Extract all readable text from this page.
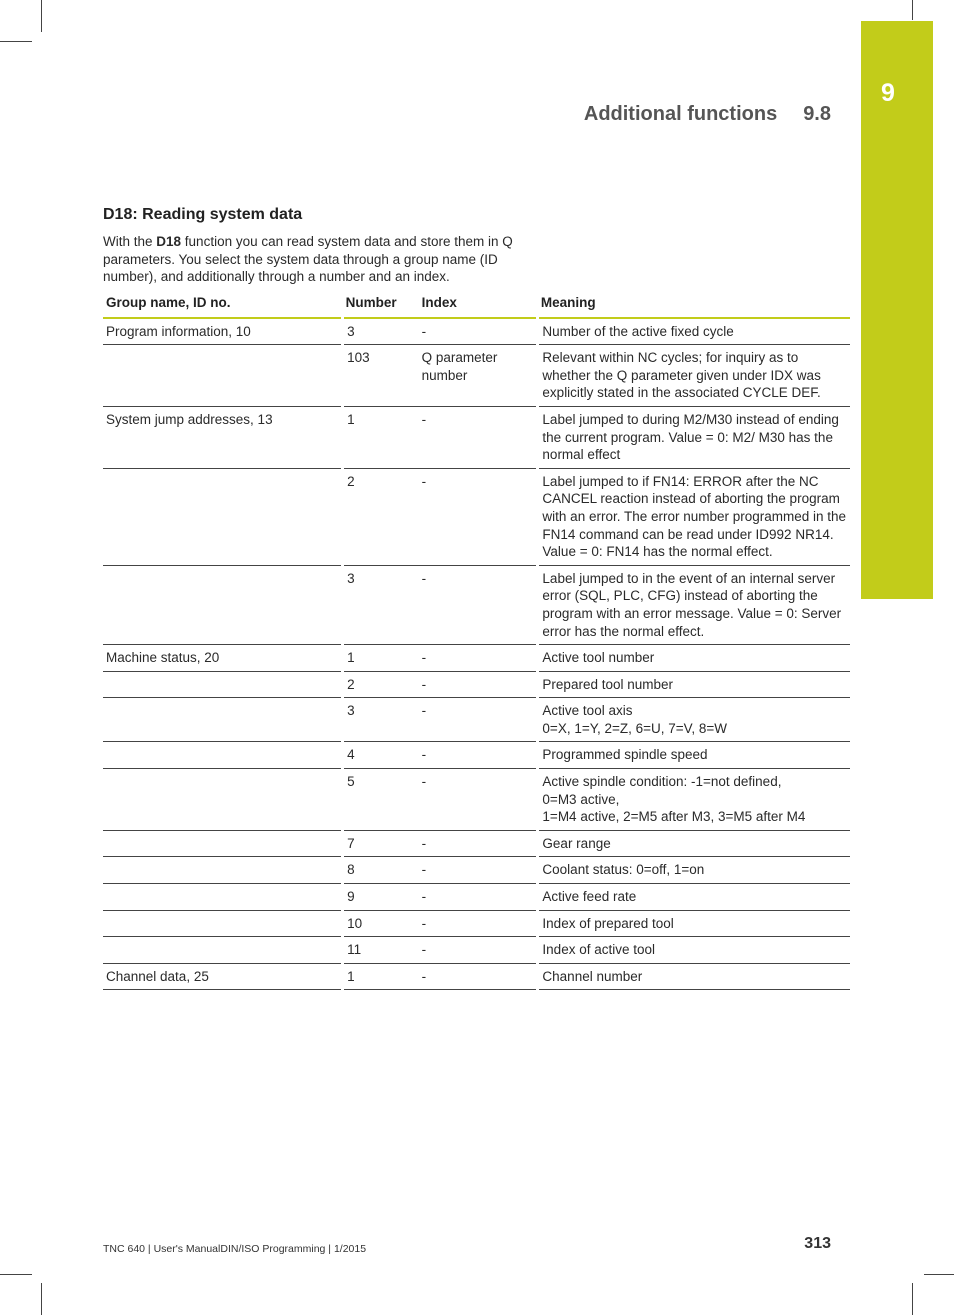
9
Additional functions 9.8
D18: Reading system data
With the D18 function you can read system data and store them in Q parameters. You select the system data through a group name (ID number), and additionally through a number and an index.
Group name, ID no.	Number	Index	Meaning
Program information, 10	3	-	Number of the active fixed cycle
	103	Q parameter number	Relevant within NC cycles; for inquiry as to whether the Q parameter given under IDX was explicitly stated in the associated CYCLE DEF.
System jump addresses, 13	1	-	Label jumped to during M2/M30 instead of ending the current program. Value = 0: M2/ M30 has the normal effect
	2	-	Label jumped to if FN14: ERROR after the NC CANCEL reaction instead of aborting the program with an error. The error number programmed in the FN14 command can be read under ID992 NR14. Value = 0: FN14 has the normal effect.
	3	-	Label jumped to in the event of an internal server error (SQL, PLC, CFG) instead of aborting the program with an error message. Value = 0: Server error has the normal effect.
Machine status, 20	1	-	Active tool number
	2	-	Prepared tool number
	3	-	Active tool axis
0=X, 1=Y, 2=Z, 6=U, 7=V, 8=W
	4	-	Programmed spindle speed
	5	-	Active spindle condition: -1=not defined,
0=M3 active,
1=M4 active, 2=M5 after M3, 3=M5 after M4
	7	-	Gear range
	8	-	Coolant status: 0=off, 1=on
	9	-	Active feed rate
	10	-	Index of prepared tool
	11	-	Index of active tool
Channel data, 25	1	-	Channel number
TNC 640 | User's ManualDIN/ISO Programming | 1/2015	313
